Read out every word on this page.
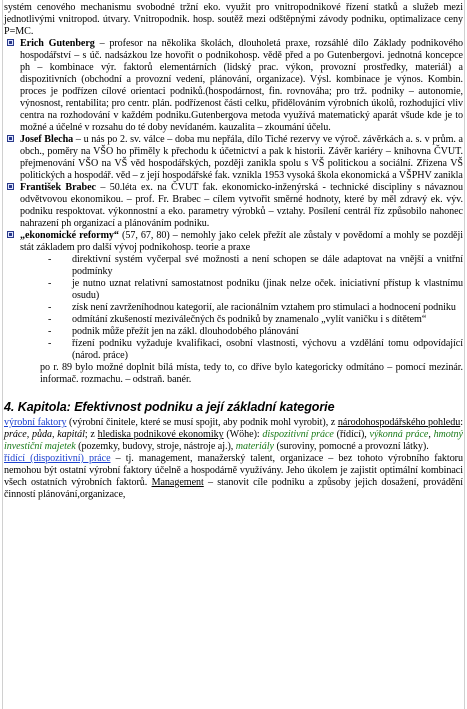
systém cenového mechanismu svobodné tržní eko. využit pro vnitropodnikové řízení statků a služeb mezi jednotlivými vnitropod. útvary. Vnitropodnik. hosp. soutěž mezi odštěpnými závody podniku, optimalizace ceny P=MC.

Erich Gutenberg – profesor na několika školách, dlouholetá praxe, rozsáhlé dílo Základy podnikového hospodářství – s úč. nadsázkou lze hovořit o podnikohosp. vědě před a po Gutenbergovi. jednotná koncepce ph – kombinace výr. faktorů elementárních (lidský prac. výkon, provozní prostředky, materiál) a dispozitivních (obchodní a provozní vedení, plánování, organizace). Výsl. kombinace je výnos. Kombin. proces je podřízen cílové orientaci podniků.(hospodárnost, fin. rovnováha; pro trž. podniky – autonomie, výnosnost, rentabilita; pro centr. plán. podřízenost části celku, přidělováním výrobních úkolů, rozhodující vliv centra na rozhodování v každém podniku.Gutenbergova metoda využívá matematický aparát všude kde je to možné a účelné v rozsahu do té doby nevídaném. kauzalita – zkoumání účelu.
Josef Blecha – u nás po 2. sv. válce – doba mu nepřála, dílo Tiché rezervy ve výroč. závěrkách a. s. v prům. a obch., poměry na VŠO ho přiměly k přechodu k účetnictví a pak k historii. Závěr kariéry – knihovna ČVUT. přejmenování VŠO na VŠ věd hospodářských, později zanikla spolu s VŠ politickou a sociální. Zřízena VŠ politických a hospodář. věd – z její hospodářské fak. vznikla 1953 vysoká škola ekonomická a VŠPHV zanikla
František Brabec – 50.léta ex. na ČVUT fak. ekonomicko-inženýrská - technické discipliny s návaznou odvětvovou ekonomikou. – prof. Fr. Brabec – cílem vytvořit směrné hodnoty, které by měl zdravý ek. výv. podniku respoktovat. výkonnostní a eko. parametry výrobků – vztahy. Posílení centrál říz způsobilo nahonec nahrazení ph organizací a plánováním podniku.
„ekonomické reformy“ (57, 67, 80) – nemohly jako celek přežít ale zůstaly v povědomí a mohly se později stát základem pro další vývoj podnikohosp. teorie a praxe
-	direktivní systém vyčerpal své možnosti a není schopen se dále adaptovat na vnější a vnitřní podmínky
-	je nutno uznat relativní samostatnost podniku (jinak nelze oček. iniciativní přístup k vlastnímu osudu)
-	získ není zavrženíhodnou kategorií, ale racionálním vztahem pro stimulaci a hodnocení podniku
-	odmítání zkušeností meziválečných čs podniků by znamenalo „vylít vaničku i s dítětem“
-	podnik může přežít jen na zákl. dlouhodobého plánování
-	řízení podniku vyžaduje kvalifikaci, osobní vlastnosti, výchovu a vzdělání tomu odpovídající (národ. práce)

po r. 89 bylo možné doplnit bílá místa, tedy to, co dříve bylo kategoricky odmítáno – pomocí mezinár. informač. rozmachu. – odstraň. banér.

4. Kapitola: Efektivnost podniku a její základní kategorie

výrobní faktory (výrobní činitele, které se musí spojit, aby podnik mohl vyrobit), z národohospodářského pohledu: práce, půda, kapitál; z hlediska podnikové ekonomiky (Wöhe): dispozitivní práce (řídící), výkonná práce, hmotný investiční majetek (pozemky, budovy, stroje, nástroje aj.), materiály (suroviny, pomocné a provozní látky).

řídící (dispozitivní) práce – tj. management, manažerský talent, organizace – bez tohoto výrobního faktoru nemohou být ostatní výrobní faktory účelně a hospodárně využívány. Jeho úkolem je zajistit optimální kombinaci všech ostatních výrobních faktorů. Management – stanovit cíle podniku a způsoby jejich dosažení, provádění činností plánování,organizace,
